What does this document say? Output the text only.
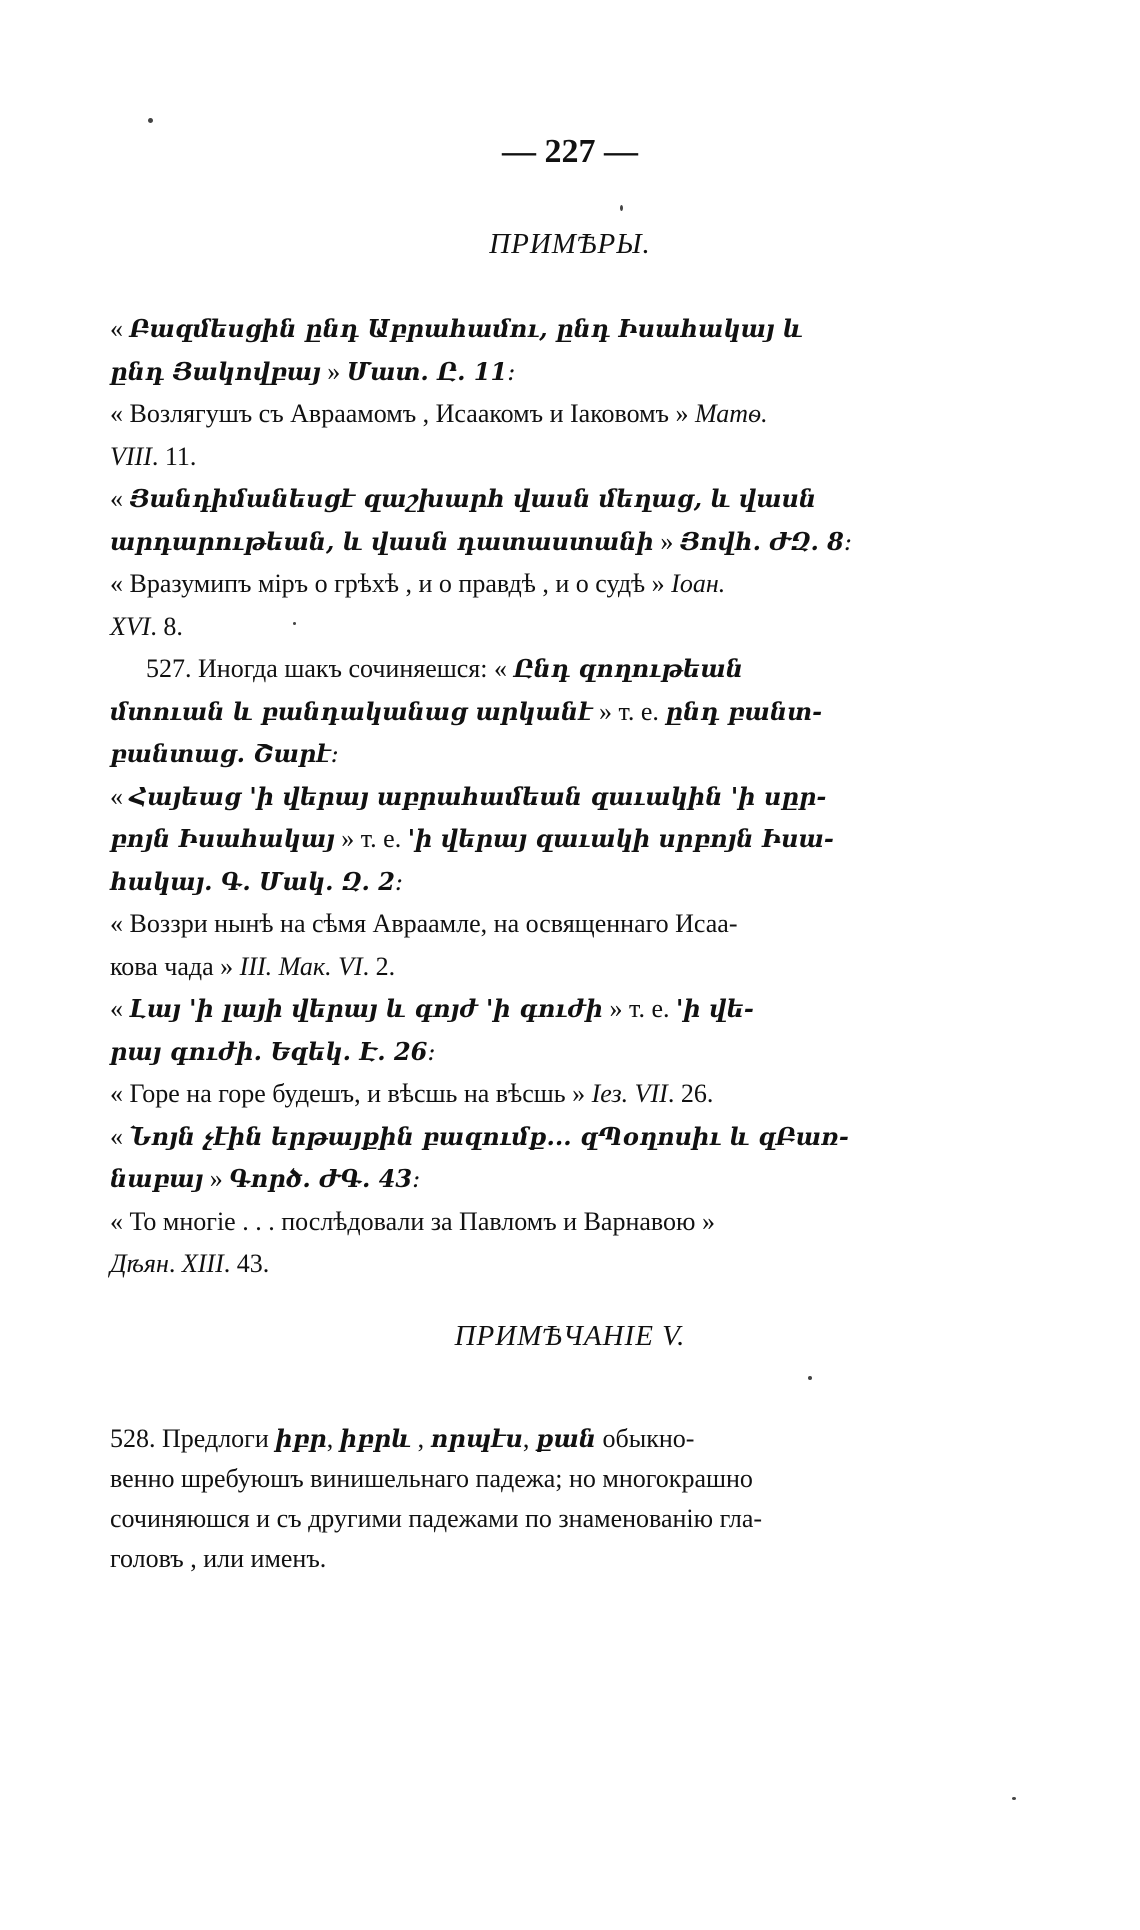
— 227 —
ПРИМѢРЫ.
« Բազմեսցին ընդ Աբրահամու, ընդ Իսահակայ և
ընդ Յակովբայ » Մատ. Ը. 11։
« Возлягушъ съ Авраамомъ , Исаакомъ и Іаковомъ » Матѳ.
VIII. 11.
« Յանդիմանեսցէ զաշխարհ վասն մեղաց, և վասն
արդարութեան, և վասն դատաստանի » Յովհ. ԺԶ. 8։
« Вразумипъ міръ о грѣхѣ , и о правдѣ , и о судѣ » Іоан.
XVI. 8.
527. Иногда шакъ сочиняешся: « Ընդ զողութեան
մտուան և բանդականաց արկանէ » т. е. ընդ բանտ-
բանտաց. Շարէ։
« Հայեաց 'ի վերայ աբրահամեան զաւակին 'ի սըր-
բոյն Իսահակայ » т. е. 'ի վերայ զաւակի սրբոյն Իսա-
հակայ. Գ. Մակ. Զ. 2։
« Воззри нынѣ на сѣмя Авраамле, на освященнаго Исаа-
кова чада » III. Мак. VI. 2.
« Լայ 'ի լայի վերայ և գոյժ 'ի գուժի » т. е. 'ի վե-
րայ գուժի. Եզեկ. Է. 26։
« Горе на горе будешъ, и вѣсшь на вѣсшь » Іез. VII. 26.
« Նոյն չէին երթայքին բազումք... զՊօղոսիւ և զԲառ-
նաբայ » Գործ. ԺԳ. 43։
« То многіе . . . послѣдовали за Павломъ и Варнавою »
Дѣян. XIII. 43.
ПРИМѢЧАНІЕ V.
528. Предлоги իբր, իբրև , որպէս, քան обыкно-
венно шребуюшъ винишельнаго падежа; но многокрашно
сочиняюшся и съ другими падежами по знаменованію гла-
головъ , или именъ.
